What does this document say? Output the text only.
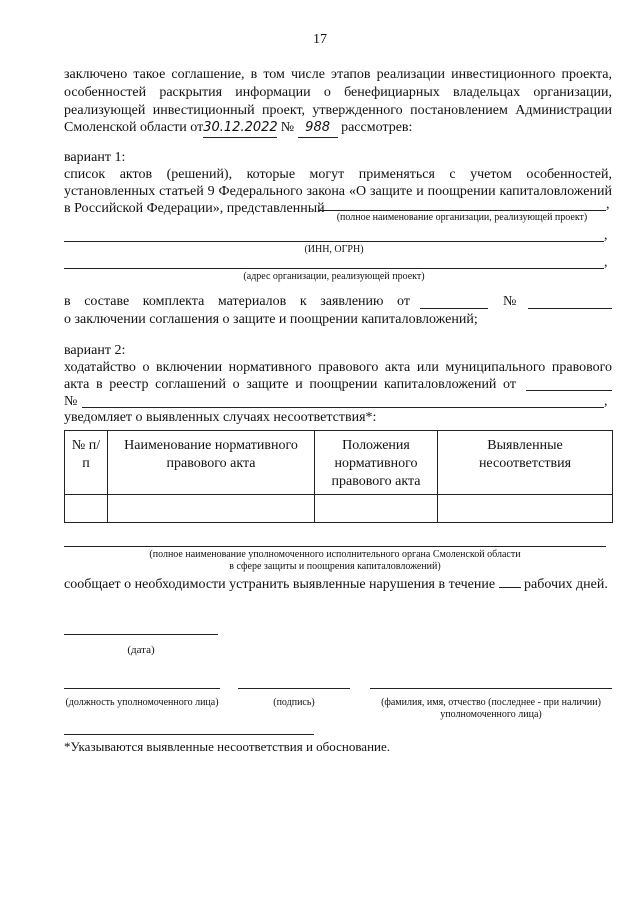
17
заключено такое соглашение, в том числе этапов реализации инвестиционного проекта,
особенностей раскрытия информации о бенефициарных владельцах организации,
реализующей инвестиционный проект, утвержденного постановлением Администрации
Смоленской области от30.12.2022 № 988 рассмотрев:
вариант 1:
список актов (решений), которые могут применяться с учетом особенностей,
установленных статьей 9 Федерального закона «О защите и поощрении капиталовложений
в Российской Федерации», представленный	,
(полное наименование организации, реализующей проект)
,
(ИНН, ОГРН)
,
(адрес организации, реализующей проект)
в составе комплекта материалов к заявлению от	№
о заключении соглашения о защите и поощрении капиталовложений;
вариант 2:
ходатайство о включении нормативного правового акта или муниципального правового
акта в реестр соглашений о защите и поощрении капиталовложений от
№	,
уведомляет о выявленных случаях несоответствия*:
№ п/п	Наименование нормативного правового акта	Положения нормативного правового акта	Выявленные несоответствия

(полное наименование уполномоченного исполнительного органа Смоленской области
в сфере защиты и поощрения капиталовложений)
сообщает о необходимости устранить выявленные нарушения в течение рабочих дней.
(дата)
(должность уполномоченного лица)	(подпись)	(фамилия, имя, отчество (последнее - при наличии) уполномоченного лица)
*Указываются выявленные несоответствия и обоснование.
